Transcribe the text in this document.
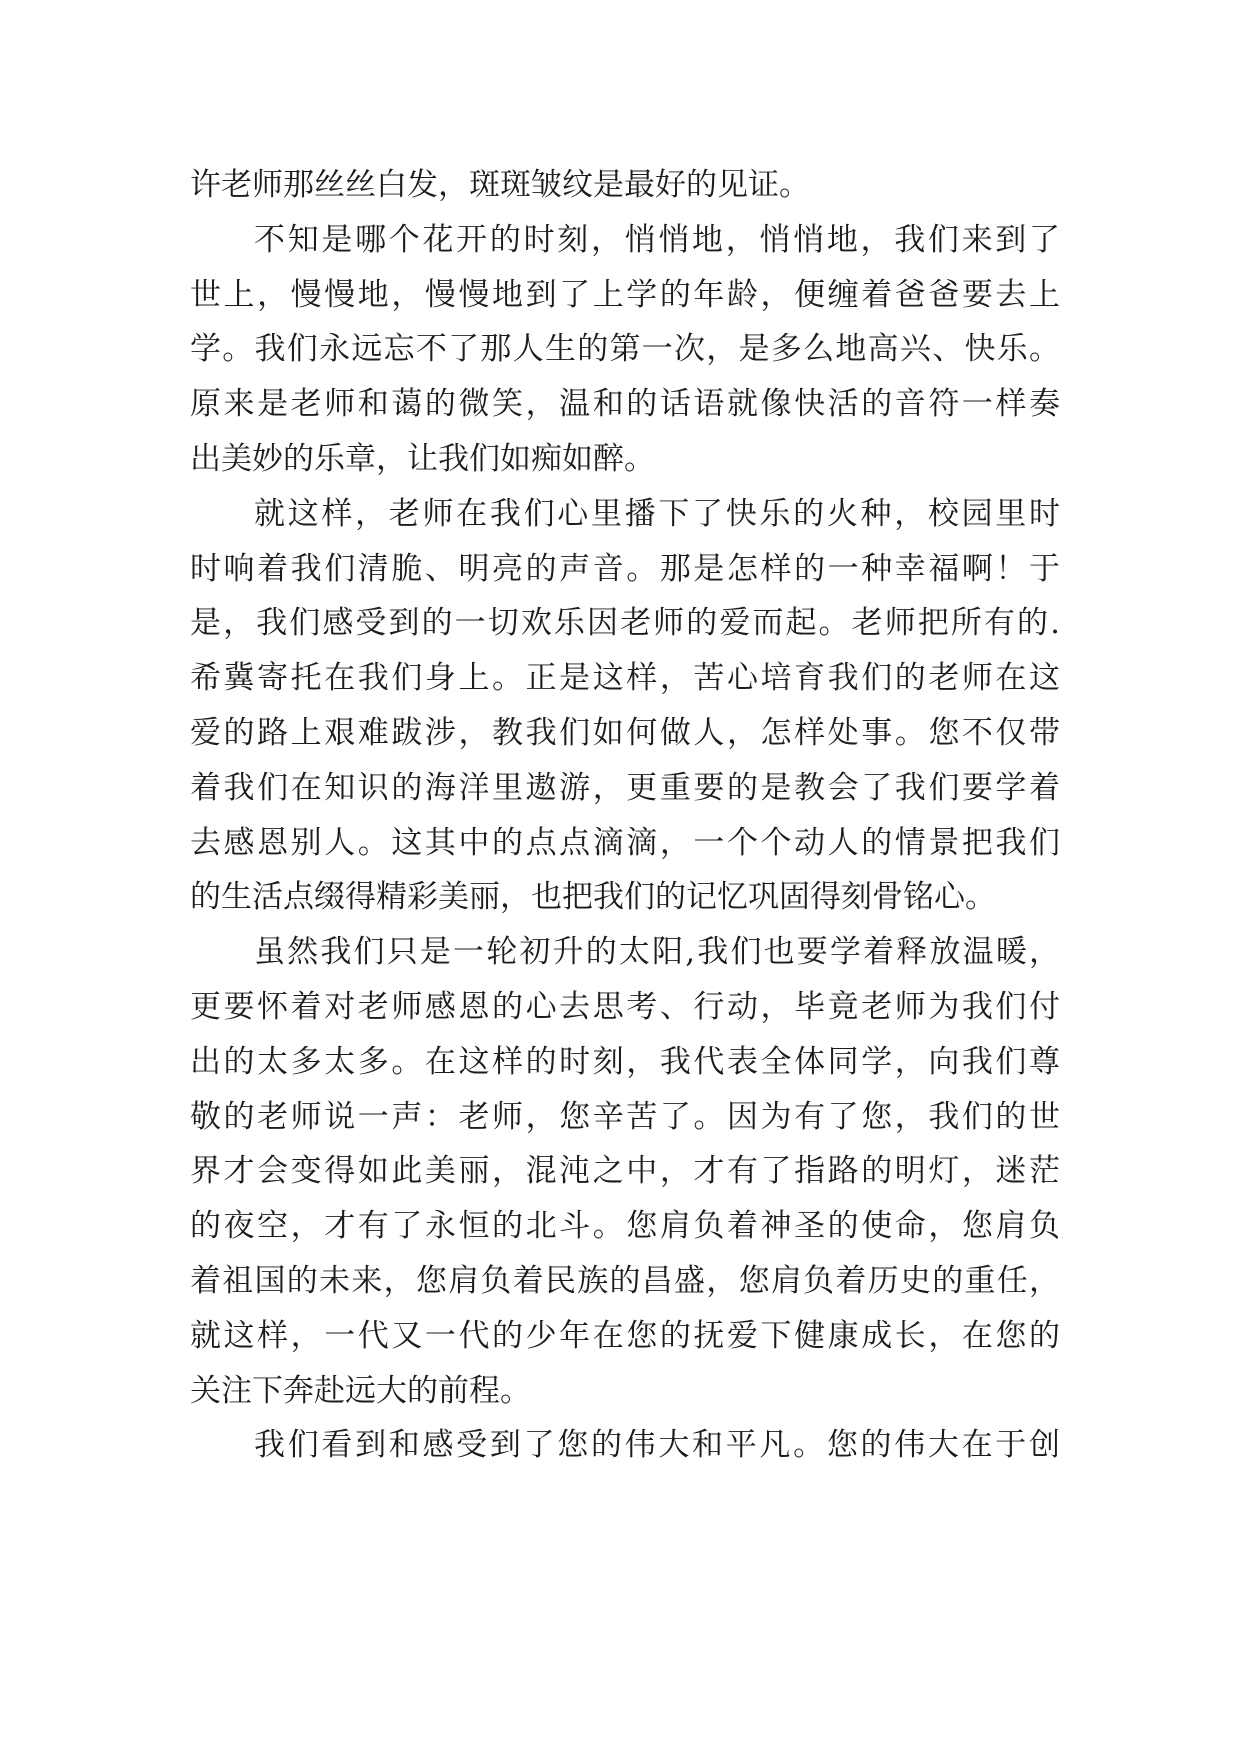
许老师那丝丝白发，斑斑皱纹是最好的见证。
不知是哪个花开的时刻，悄悄地，悄悄地，我们来到了
世上，慢慢地，慢慢地到了上学的年龄，便缠着爸爸要去上
学。我们永远忘不了那人生的第一次，是多么地高兴、快乐。
原来是老师和蔼的微笑，温和的话语就像快活的音符一样奏
出美妙的乐章，让我们如痴如醉。
就这样，老师在我们心里播下了快乐的火种，校园里时
时响着我们清脆、明亮的声音。那是怎样的一种幸福啊！于
是，我们感受到的一切欢乐因老师的爱而起。老师把所有的.
希冀寄托在我们身上。正是这样，苦心培育我们的老师在这
爱的路上艰难跋涉，教我们如何做人，怎样处事。您不仅带
着我们在知识的海洋里遨游，更重要的是教会了我们要学着
去感恩别人。这其中的点点滴滴，一个个动人的情景把我们
的生活点缀得精彩美丽，也把我们的记忆巩固得刻骨铭心。
虽然我们只是一轮初升的太阳,我们也要学着释放温暖，
更要怀着对老师感恩的心去思考、行动，毕竟老师为我们付
出的太多太多。在这样的时刻，我代表全体同学，向我们尊
敬的老师说一声：老师，您辛苦了。因为有了您，我们的世
界才会变得如此美丽，混沌之中，才有了指路的明灯，迷茫
的夜空，才有了永恒的北斗。您肩负着神圣的使命，您肩负
着祖国的未来，您肩负着民族的昌盛，您肩负着历史的重任，
就这样，一代又一代的少年在您的抚爱下健康成长，在您的
关注下奔赴远大的前程。
我们看到和感受到了您的伟大和平凡。您的伟大在于创
